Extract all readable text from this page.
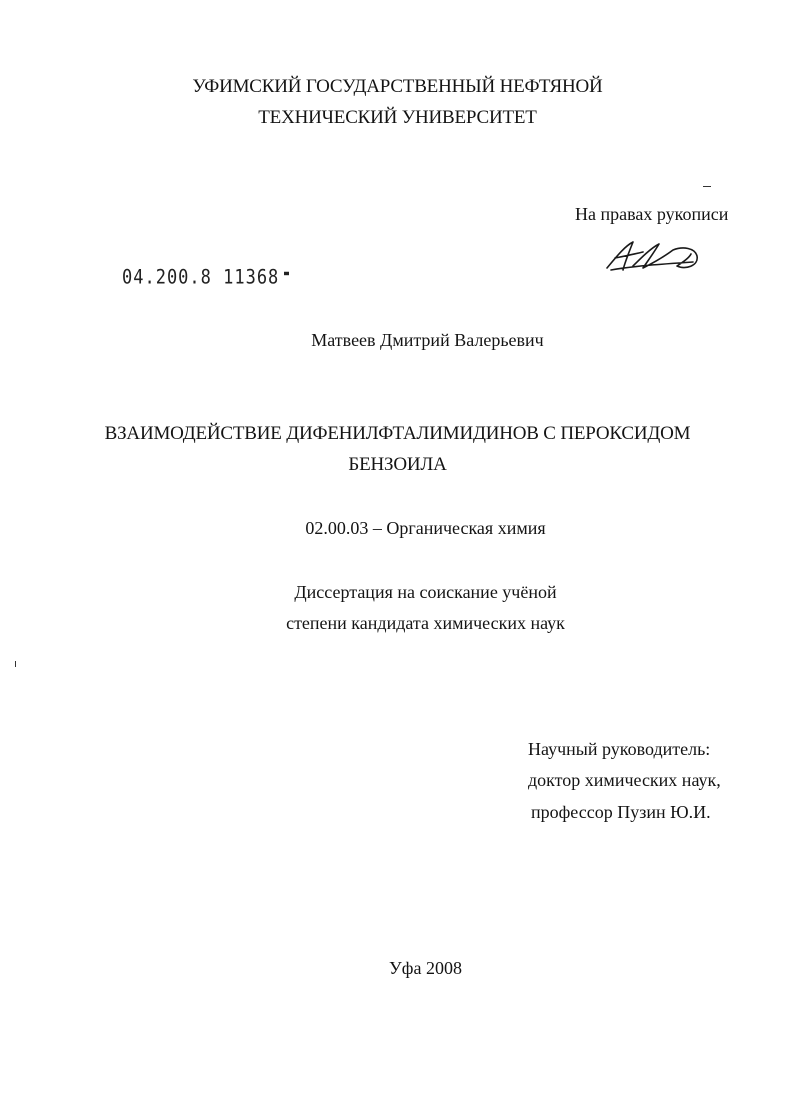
УФИМСКИЙ ГОСУДАРСТВЕННЫЙ НЕФТЯНОЙ
ТЕХНИЧЕСКИЙ УНИВЕРСИТЕТ
На правах рукописи
04.200.8 11368
Матвеев Дмитрий Валерьевич
ВЗАИМОДЕЙСТВИЕ ДИФЕНИЛФТАЛИМИДИНОВ С ПЕРОКСИДОМ
БЕНЗОИЛА
02.00.03 – Органическая химия
Диссертация на соискание учёной
степени кандидата химических наук
Научный руководитель:
доктор химических наук,
профессор Пузин Ю.И.
Уфа 2008
